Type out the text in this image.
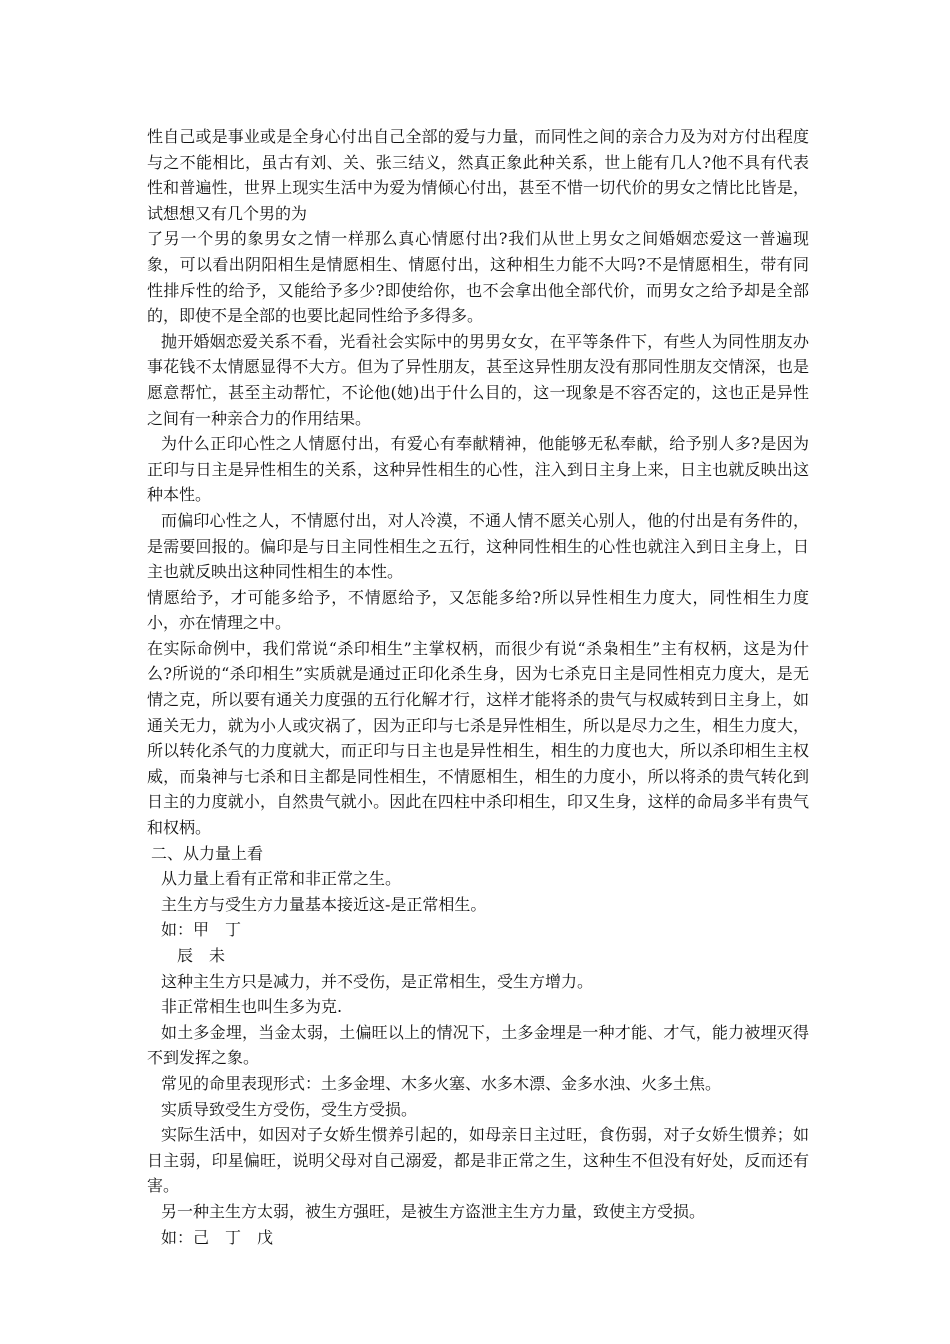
性自己或是事业或是全身心付出自己全部的爱与力量，而同性之间的亲合力及为对方付出程度与之不能相比，虽古有刘、关、张三结义，然真正象此种关系，世上能有几人?他不具有代表性和普遍性，世界上现实生活中为爱为情倾心付出，甚至不惜一切代价的男女之情比比皆是，试想想又有几个男的为

了另一个男的象男女之情一样那么真心情愿付出?我们从世上男女之间婚姻恋爱这一普遍现象，可以看出阴阳相生是情愿相生、情愿付出，这种相生力能不大吗?不是情愿相生，带有同性排斥性的给予，又能给予多少?即使给你，也不会拿出他全部代价，而男女之给予却是全部的，即使不是全部的也要比起同性给予多得多。

抛开婚姻恋爱关系不看，光看社会实际中的男男女女，在平等条件下，有些人为同性朋友办事花钱不太情愿显得不大方。但为了异性朋友，甚至这异性朋友没有那同性朋友交情深，也是愿意帮忙，甚至主动帮忙，不论他(她)出于什么目的，这一现象是不容否定的，这也正是异性之间有一种亲合力的作用结果。

为什么正印心性之人情愿付出，有爱心有奉献精神，他能够无私奉献，给予别人多?是因为正印与日主是异性相生的关系，这种异性相生的心性，注入到日主身上来，日主也就反映出这种本性。

而偏印心性之人，不情愿付出，对人冷漠，不通人情不愿关心别人，他的付出是有务件的，是需要回报的。偏印是与日主同性相生之五行，这种同性相生的心性也就注入到日主身上，日主也就反映出这种同性相生的本性。

情愿给予，才可能多给予，不情愿给予，又怎能多给?所以异性相生力度大，同性相生力度小，亦在情理之中。

在实际命例中，我们常说“杀印相生”主掌权柄，而很少有说“杀枭相生”主有权柄，这是为什么?所说的“杀印相生”实质就是通过正印化杀生身，因为七杀克日主是同性相克力度大，是无情之克，所以要有通关力度强的五行化解才行，这样才能将杀的贵气与权威转到日主身上，如通关无力，就为小人或灾祸了，因为正印与七杀是异性相生，所以是尽力之生，相生力度大，所以转化杀气的力度就大，而正印与日主也是异性相生，相生的力度也大，所以杀印相生主权威，而枭神与七杀和日主都是同性相生，不情愿相生，相生的力度小，所以将杀的贵气转化到日主的力度就小，自然贵气就小。因此在四柱中杀印相生，印又生身，这样的命局多半有贵气和权柄。

二、从力量上看

从力量上看有正常和非正常之生。

主生方与受生方力量基本接近这-是正常相生。

如：甲　丁

辰　未

这种主生方只是减力，并不受伤，是正常相生，受生方增力。

非正常相生也叫生多为克.

如土多金埋，当金太弱，土偏旺以上的情况下，土多金埋是一种才能、才气，能力被埋灭得不到发挥之象。

常见的命里表现形式：土多金埋、木多火塞、水多木漂、金多水浊、火多土焦。

实质导致受生方受伤，受生方受损。

实际生活中，如因对子女娇生惯养引起的，如母亲日主过旺，食伤弱，对子女娇生惯养；如日主弱，印星偏旺，说明父母对自己溺爱，都是非正常之生，这种生不但没有好处，反而还有害。

另一种主生方太弱，被生方强旺，是被生方盗泄主生方力量，致使主方受损。

如：己　丁　戊
